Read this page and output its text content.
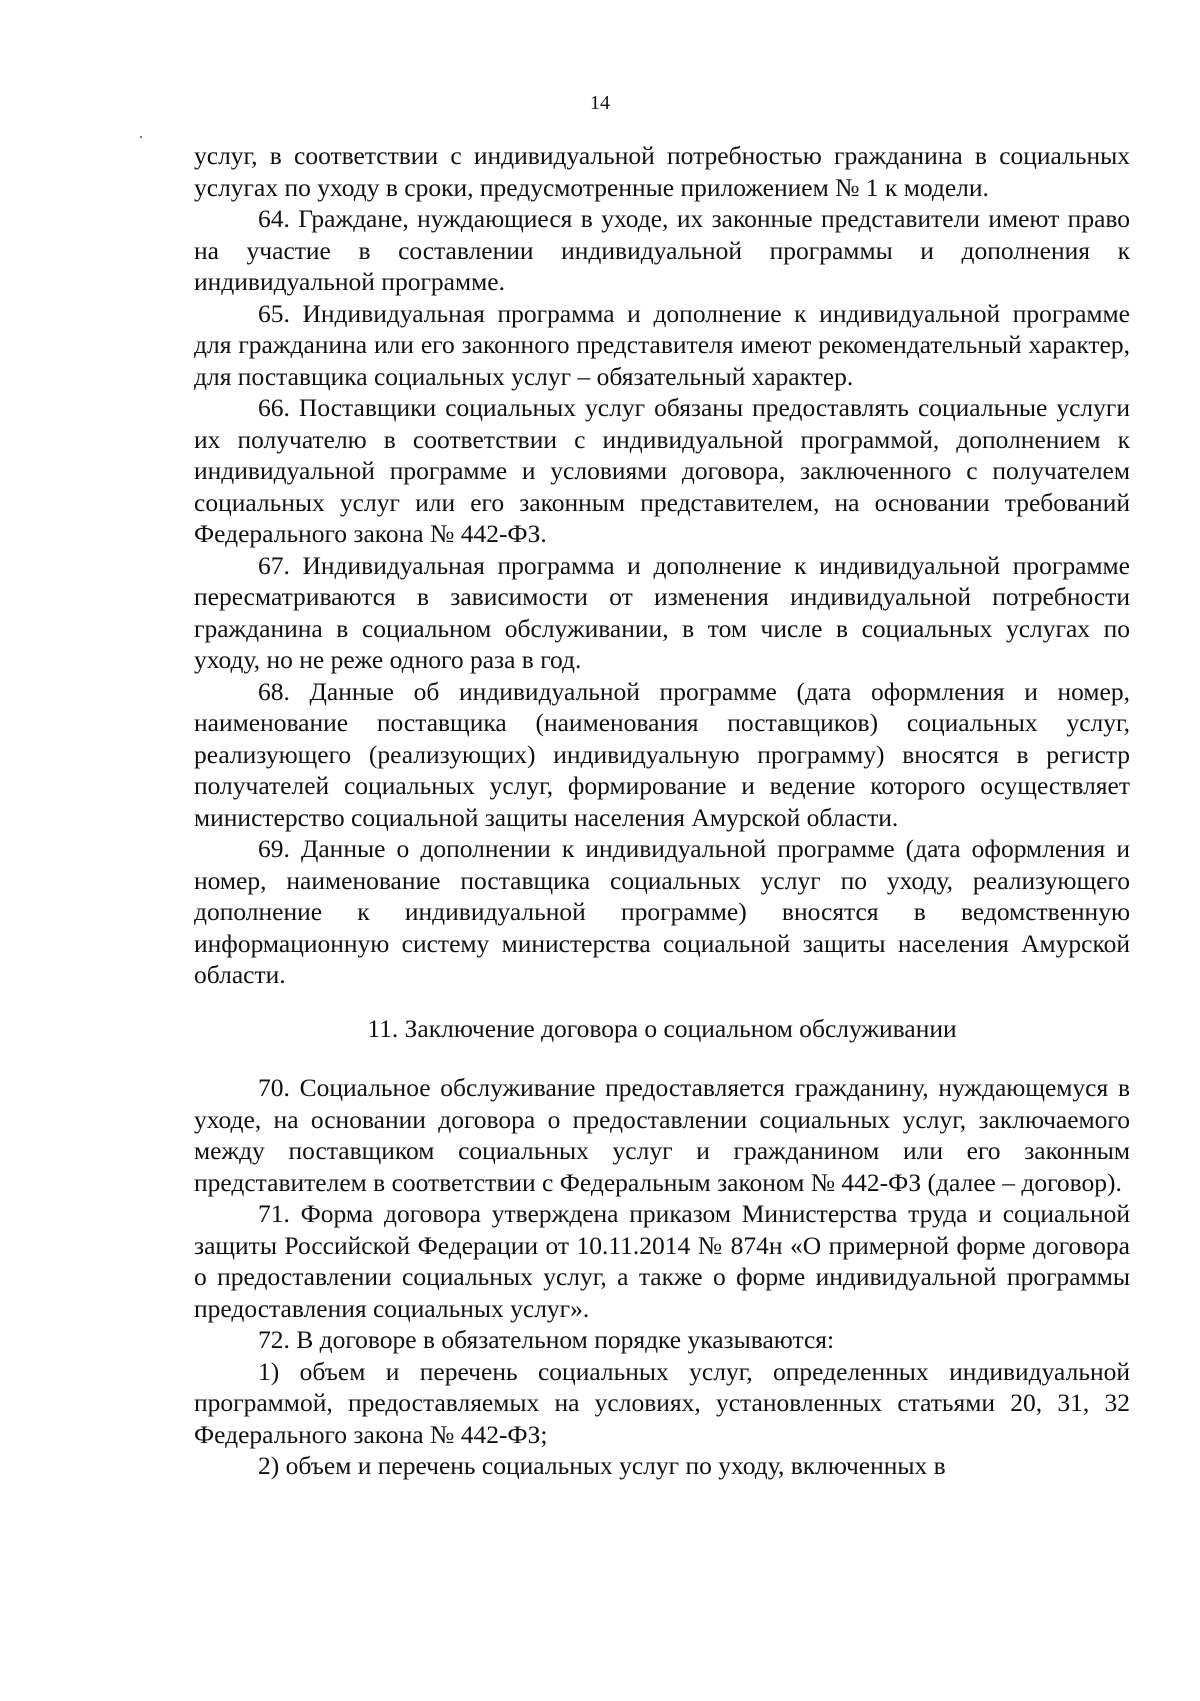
14

услуг, в соответствии с индивидуальной потребностью гражданина в социальных услугах по уходу в сроки, предусмотренные приложением № 1 к модели.

64. Граждане, нуждающиеся в уходе, их законные представители имеют право на участие в составлении индивидуальной программы и дополнения к индивидуальной программе.

65. Индивидуальная программа и дополнение к индивидуальной программе для гражданина или его законного представителя имеют рекомендательный характер, для поставщика социальных услуг – обязательный характер.

66. Поставщики социальных услуг обязаны предоставлять социальные услуги их получателю в соответствии с индивидуальной программой, дополнением к индивидуальной программе и условиями договора, заключенного с получателем социальных услуг или его законным представителем, на основании требований Федерального закона № 442-ФЗ.

67. Индивидуальная программа и дополнение к индивидуальной программе пересматриваются в зависимости от изменения индивидуальной потребности гражданина в социальном обслуживании, в том числе в социальных услугах по уходу, но не реже одного раза в год.

68. Данные об индивидуальной программе (дата оформления и номер, наименование поставщика (наименования поставщиков) социальных услуг, реализующего (реализующих) индивидуальную программу) вносятся в регистр получателей социальных услуг, формирование и ведение которого осуществляет министерство социальной защиты населения Амурской области.

69. Данные о дополнении к индивидуальной программе (дата оформления и номер, наименование поставщика социальных услуг по уходу, реализующего дополнение к индивидуальной программе) вносятся в ведомственную информационную систему министерства социальной защиты населения Амурской области.

11. Заключение договора о социальном обслуживании

70. Социальное обслуживание предоставляется гражданину, нуждающемуся в уходе, на основании договора о предоставлении социальных услуг, заключаемого между поставщиком социальных услуг и гражданином или его законным представителем в соответствии с Федеральным законом № 442-ФЗ (далее – договор).

71. Форма договора утверждена приказом Министерства труда и социальной защиты Российской Федерации от 10.11.2014 № 874н «О примерной форме договора о предоставлении социальных услуг, а также о форме индивидуальной программы предоставления социальных услуг».

72. В договоре в обязательном порядке указываются:

1) объем и перечень социальных услуг, определенных индивидуальной программой, предоставляемых на условиях, установленных статьями 20, 31, 32 Федерального закона № 442-ФЗ;

2) объем и перечень социальных услуг по уходу, включенных в
